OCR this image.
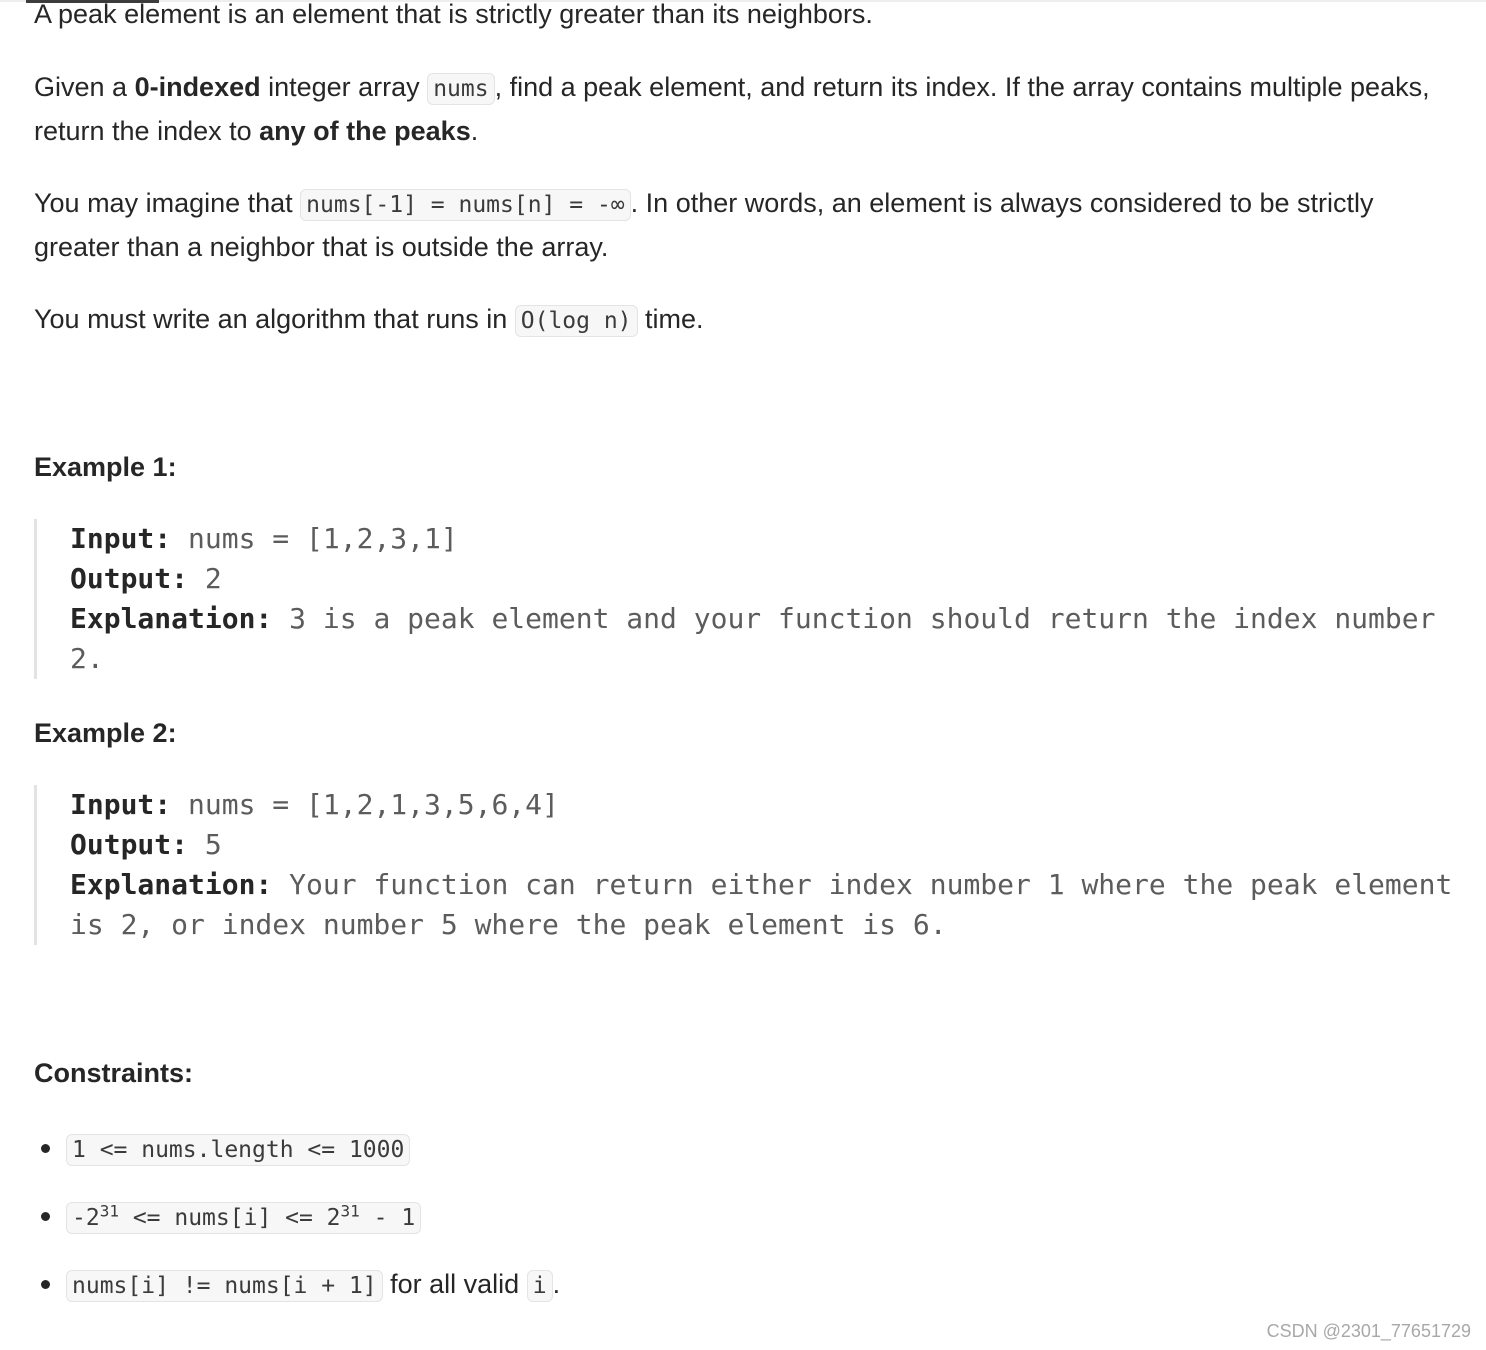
A peak element is an element that is strictly greater than its neighbors.

Given a 0-indexed integer array nums , find a peak element, and return its index. If the array contains multiple peaks, return the index to any of the peaks.

You may imagine that nums[-1] = nums[n] = -∞ . In other words, an element is always considered to be strictly greater than a neighbor that is outside the array.

You must write an algorithm that runs in O(log n) time.

Example 1:
Input: nums = [1,2,3,1]
Output: 2
Explanation: 3 is a peak element and your function should return the index number 2.
Example 2:
Input: nums = [1,2,1,3,5,6,4]
Output: 5
Explanation: Your function can return either index number 1 where the peak element is 2, or index number 5 where the peak element is 6.
Constraints:
1 <= nums.length <= 1000
$-2^{31}$ <= nums[i] <= $2^{31} - 1$
nums[i] != nums[i + 1] for all valid i .
CSDN @2301_77651729
